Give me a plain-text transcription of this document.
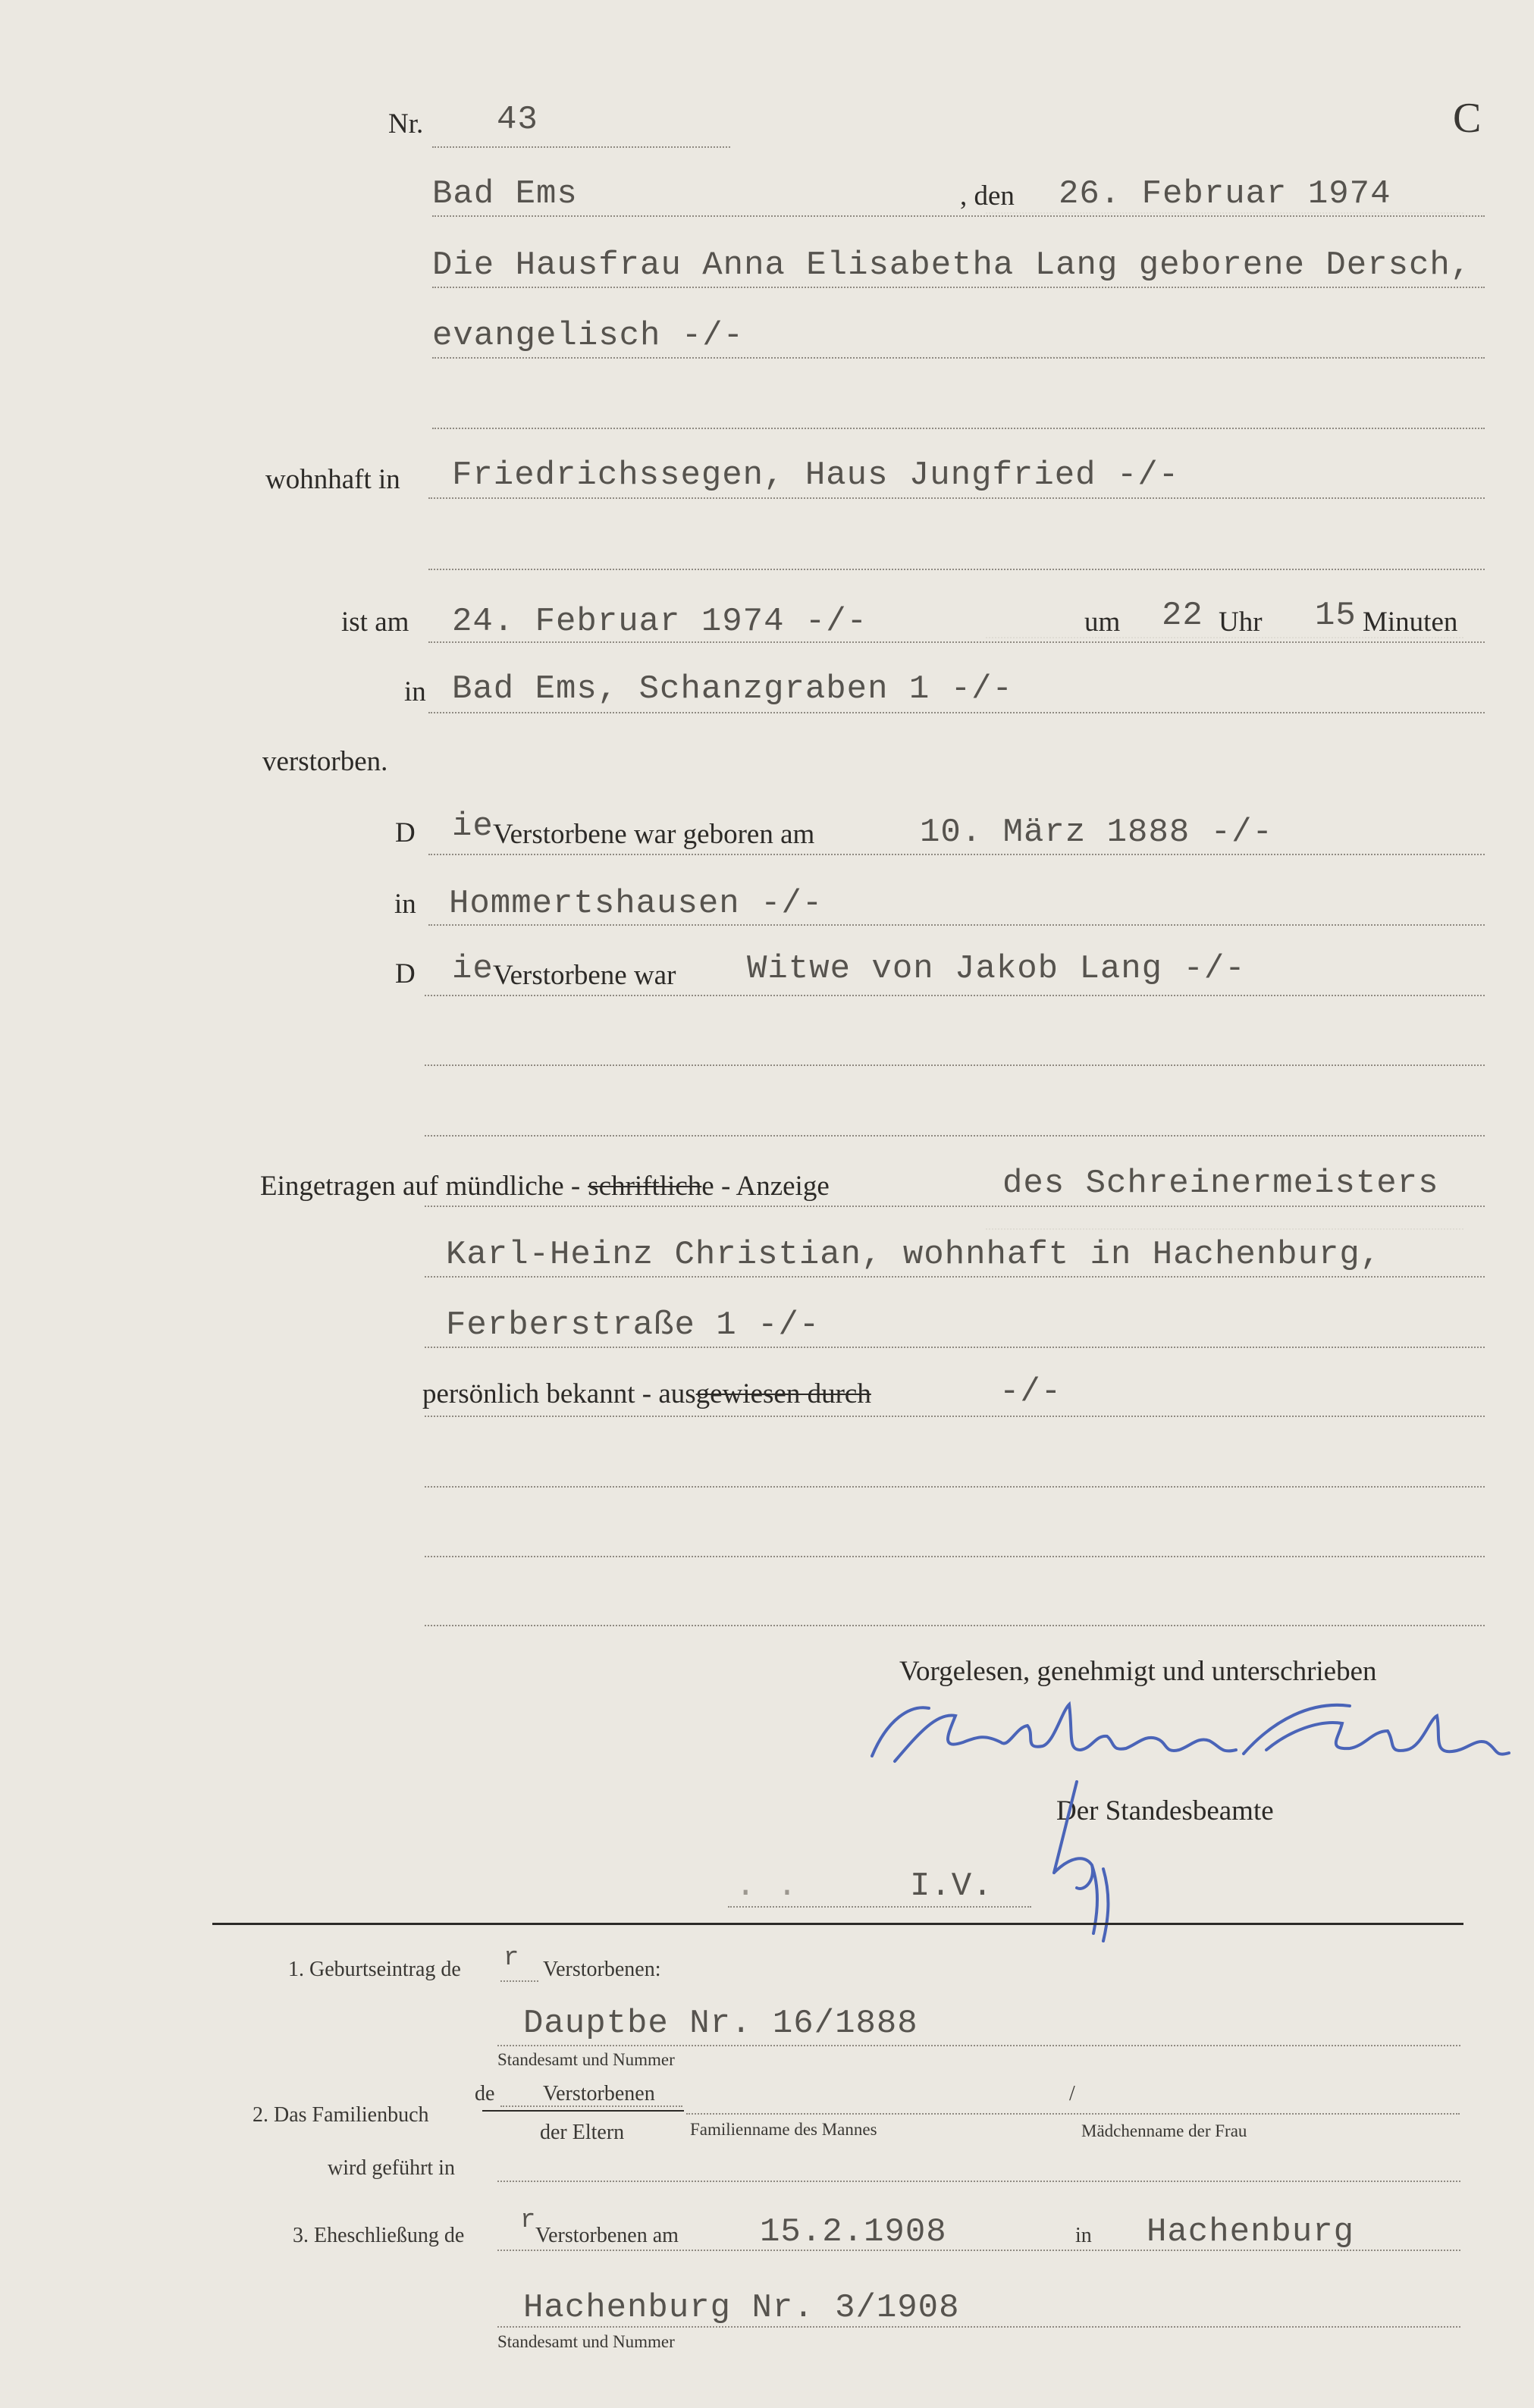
C
Nr. 43
Bad Ems	, den 26. Februar 1974
Die Hausfrau Anna Elisabetha Lang geborene Dersch,
evangelisch -/-
wohnhaft in Friedrichssegen, Haus Jungfried -/-
ist am 24. Februar 1974 -/-	um 22 Uhr 15 Minuten
in Bad Ems, Schanzgraben 1 -/-
verstorben.
D ie Verstorbene war geboren am	10. März 1888 -/-
in Hommertshausen -/-
D ie Verstorbene war Witwe von Jakob Lang -/-
Eingetragen auf mündliche - schriftliche - Anzeige	des Schreinermeisters
Karl-Heinz Christian, wohnhaft in Hachenburg,
Ferberstraße 1 -/-
persönlich bekannt - ausgewiesen durch	-/-
Vorgelesen, genehmigt und unterschrieben
Der Standesbeamte
I.V.
. .
1. Geburtseintrag de r Verstorbenen:
Dauptbe Nr. 16/1888
Standesamt und Nummer
2. Das Familienbuch
de Verstorbenen
der Eltern	Familienname des Mannes
/
Mädchenname der Frau
wird geführt in
3. Eheschließung de
r
Verstorbenen am 15.2.1908	in Hachenburg
Hachenburg Nr. 3/1908
Standesamt und Nummer
